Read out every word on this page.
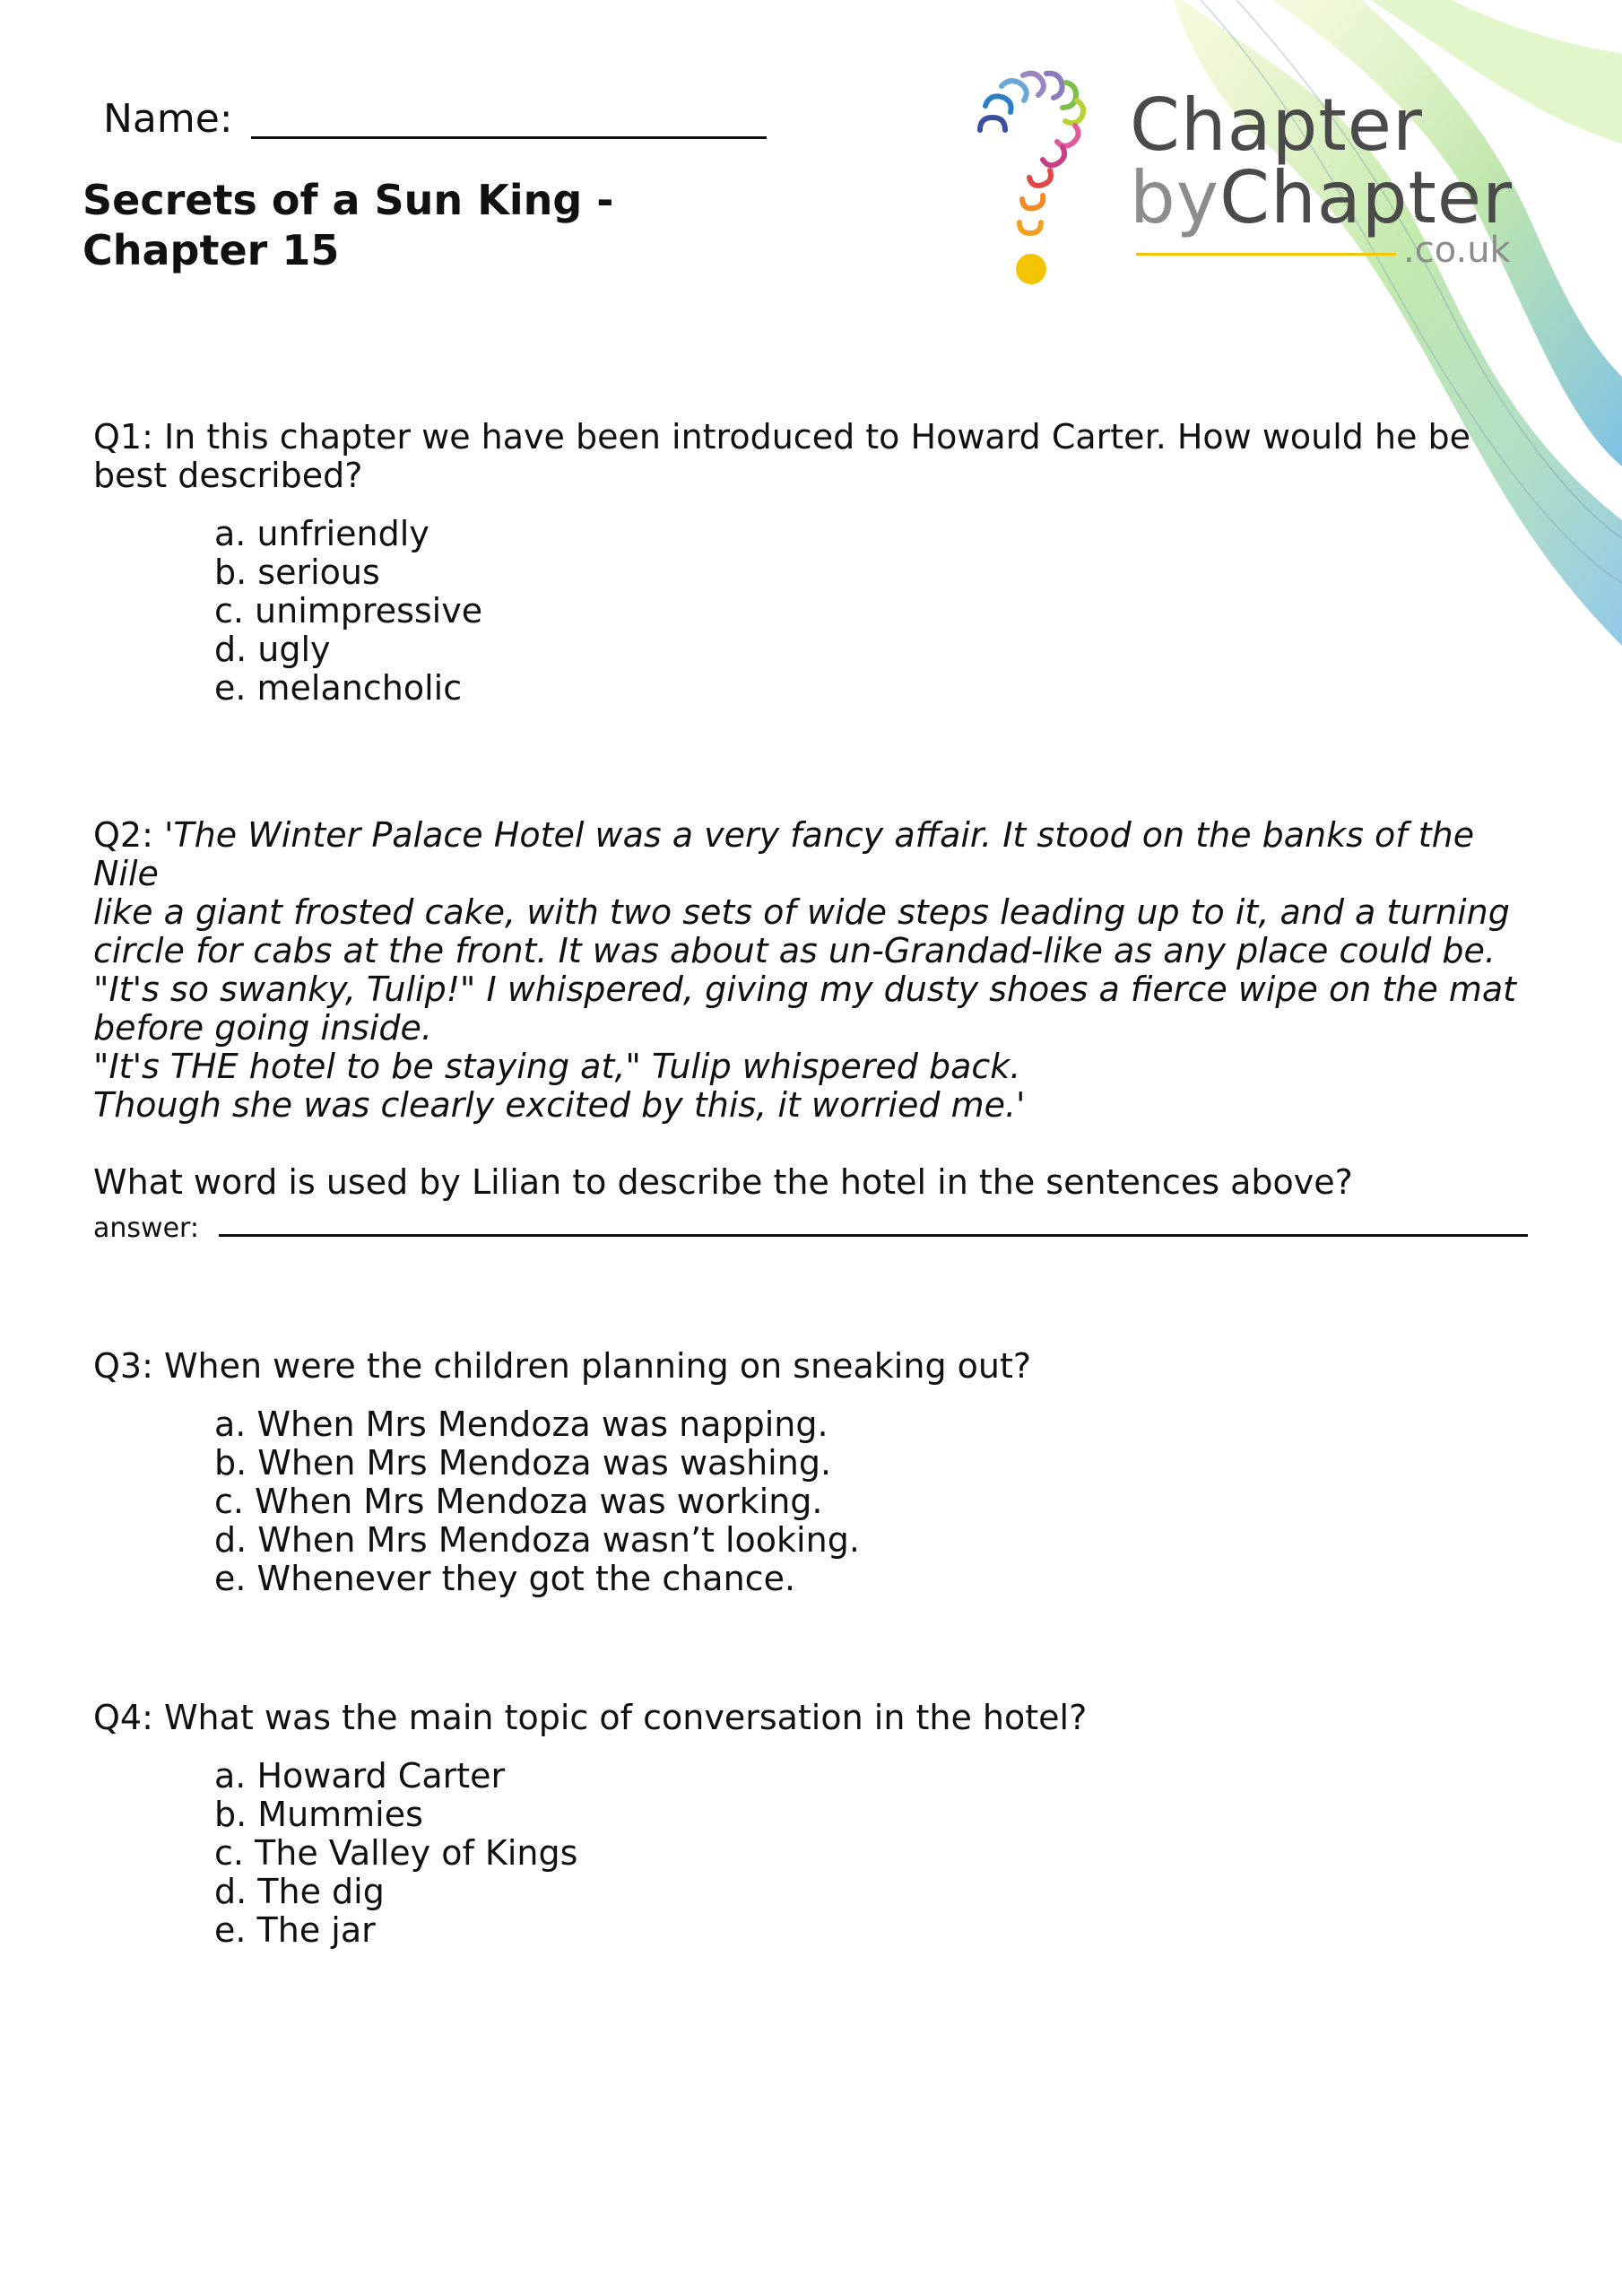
Name:
Secrets of a Sun King - Chapter 15
Chapter
byChapter
.co.uk
Q1: In this chapter we have been introduced to Howard Carter. How would he be best described?
a. unfriendly
b. serious
c. unimpressive
d. ugly
e. melancholic
Q2: 'The Winter Palace Hotel was a very fancy affair. It stood on the banks of the Nile
like a giant frosted cake, with two sets of wide steps leading up to it, and a turning
circle for cabs at the front. It was about as un-Grandad-like as any place could be.
"It's so swanky, Tulip!" I whispered, giving my dusty shoes a fierce wipe on the mat
before going inside.
"It's THE hotel to be staying at," Tulip whispered back.
Though she was clearly excited by this, it worried me.'
What word is used by Lilian to describe the hotel in the sentences above?
answer:
Q3: When were the children planning on sneaking out?
a. When Mrs Mendoza was napping.
b. When Mrs Mendoza was washing.
c. When Mrs Mendoza was working.
d. When Mrs Mendoza wasn’t looking.
e. Whenever they got the chance.
Q4: What was the main topic of conversation in the hotel?
a. Howard Carter
b. Mummies
c. The Valley of Kings
d. The dig
e. The jar
